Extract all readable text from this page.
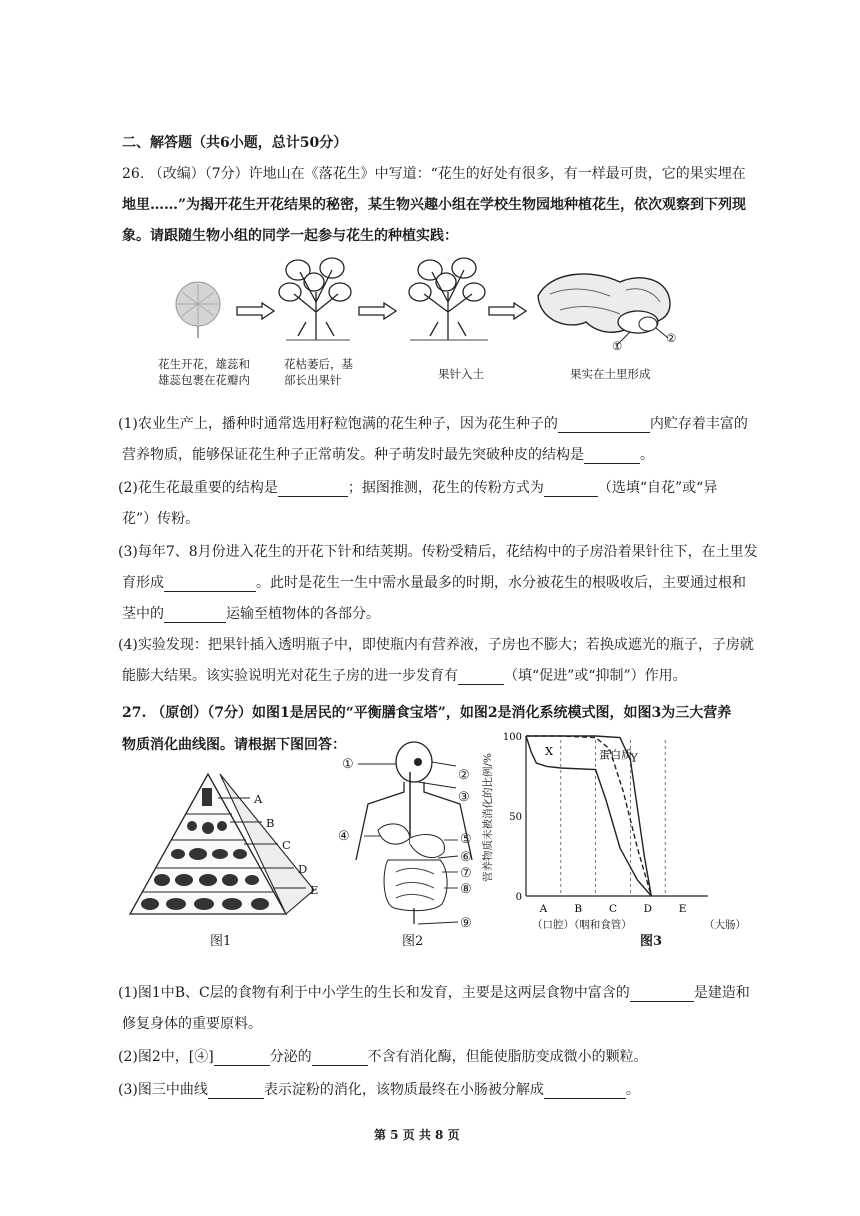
二、解答题（共6小题，总计50分）
26. （改编）（7分）许地山在《落花生》中写道：“花生的好处有很多，有一样最可贵，它的果实埋在
地里……”为揭开花生开花结果的秘密，某生物兴趣小组在学校生物园地种植花生，依次观察到下列现
象。请跟随生物小组的同学一起参与花生的种植实践：
①
②
花生开花，雄蕊和
雄蕊包裹在花瓣内
花枯萎后，基
部长出果针	果针入土	果实在土里形成
(1)农业生产上，播种时通常选用籽粒饱满的花生种子，因为花生种子的	内贮存着丰富的
营养物质，能够保证花生种子正常萌发。种子萌发时最先突破种皮的结构是	。
(2)花生花最重要的结构是	；据图推测，花生的传粉方式为	（选填“自花”或“异
花”）传粉。
(3)每年7、8月份进入花生的开花下针和结荚期。传粉受精后，花结构中的子房沿着果针往下，在土里发
育形成	。此时是花生一生中需水量最多的时期，水分被花生的根吸收后，主要通过根和
茎中的	运输至植物体的各部分。
(4)实验发现：把果针插入透明瓶子中，即使瓶内有营养液，子房也不膨大；若换成遮光的瓶子，子房就
能膨大结果。该实验说明光对花生子房的进一步发育有	（填“促进”或“抑制”）作用。
27. （原创）（7分）如图1是居民的“平衡膳食宝塔”，如图2是消化系统模式图，如图3为三大营养
物质消化曲线图。请根据下图回答：
A
B
C
D
E
图1
①
②
③
④	⑤
⑥
⑦
⑧
⑨
图2
营养物质未被消化的比例/%
0
50
100
A	B	C	D	E
X	蛋白质
Y
（口腔）（咽和食管）	（大肠）
图3
(1)图1中B、C层的食物有利于中小学生的生长和发育，主要是这两层食物中富含的	是建造和
修复身体的重要原料。
(2)图2中，[④]	分泌的	不含有消化酶，但能使脂肪变成微小的颗粒。
(3)图三中曲线	表示淀粉的消化，该物质最终在小肠被分解成	。
第 5 页 共 8 页
